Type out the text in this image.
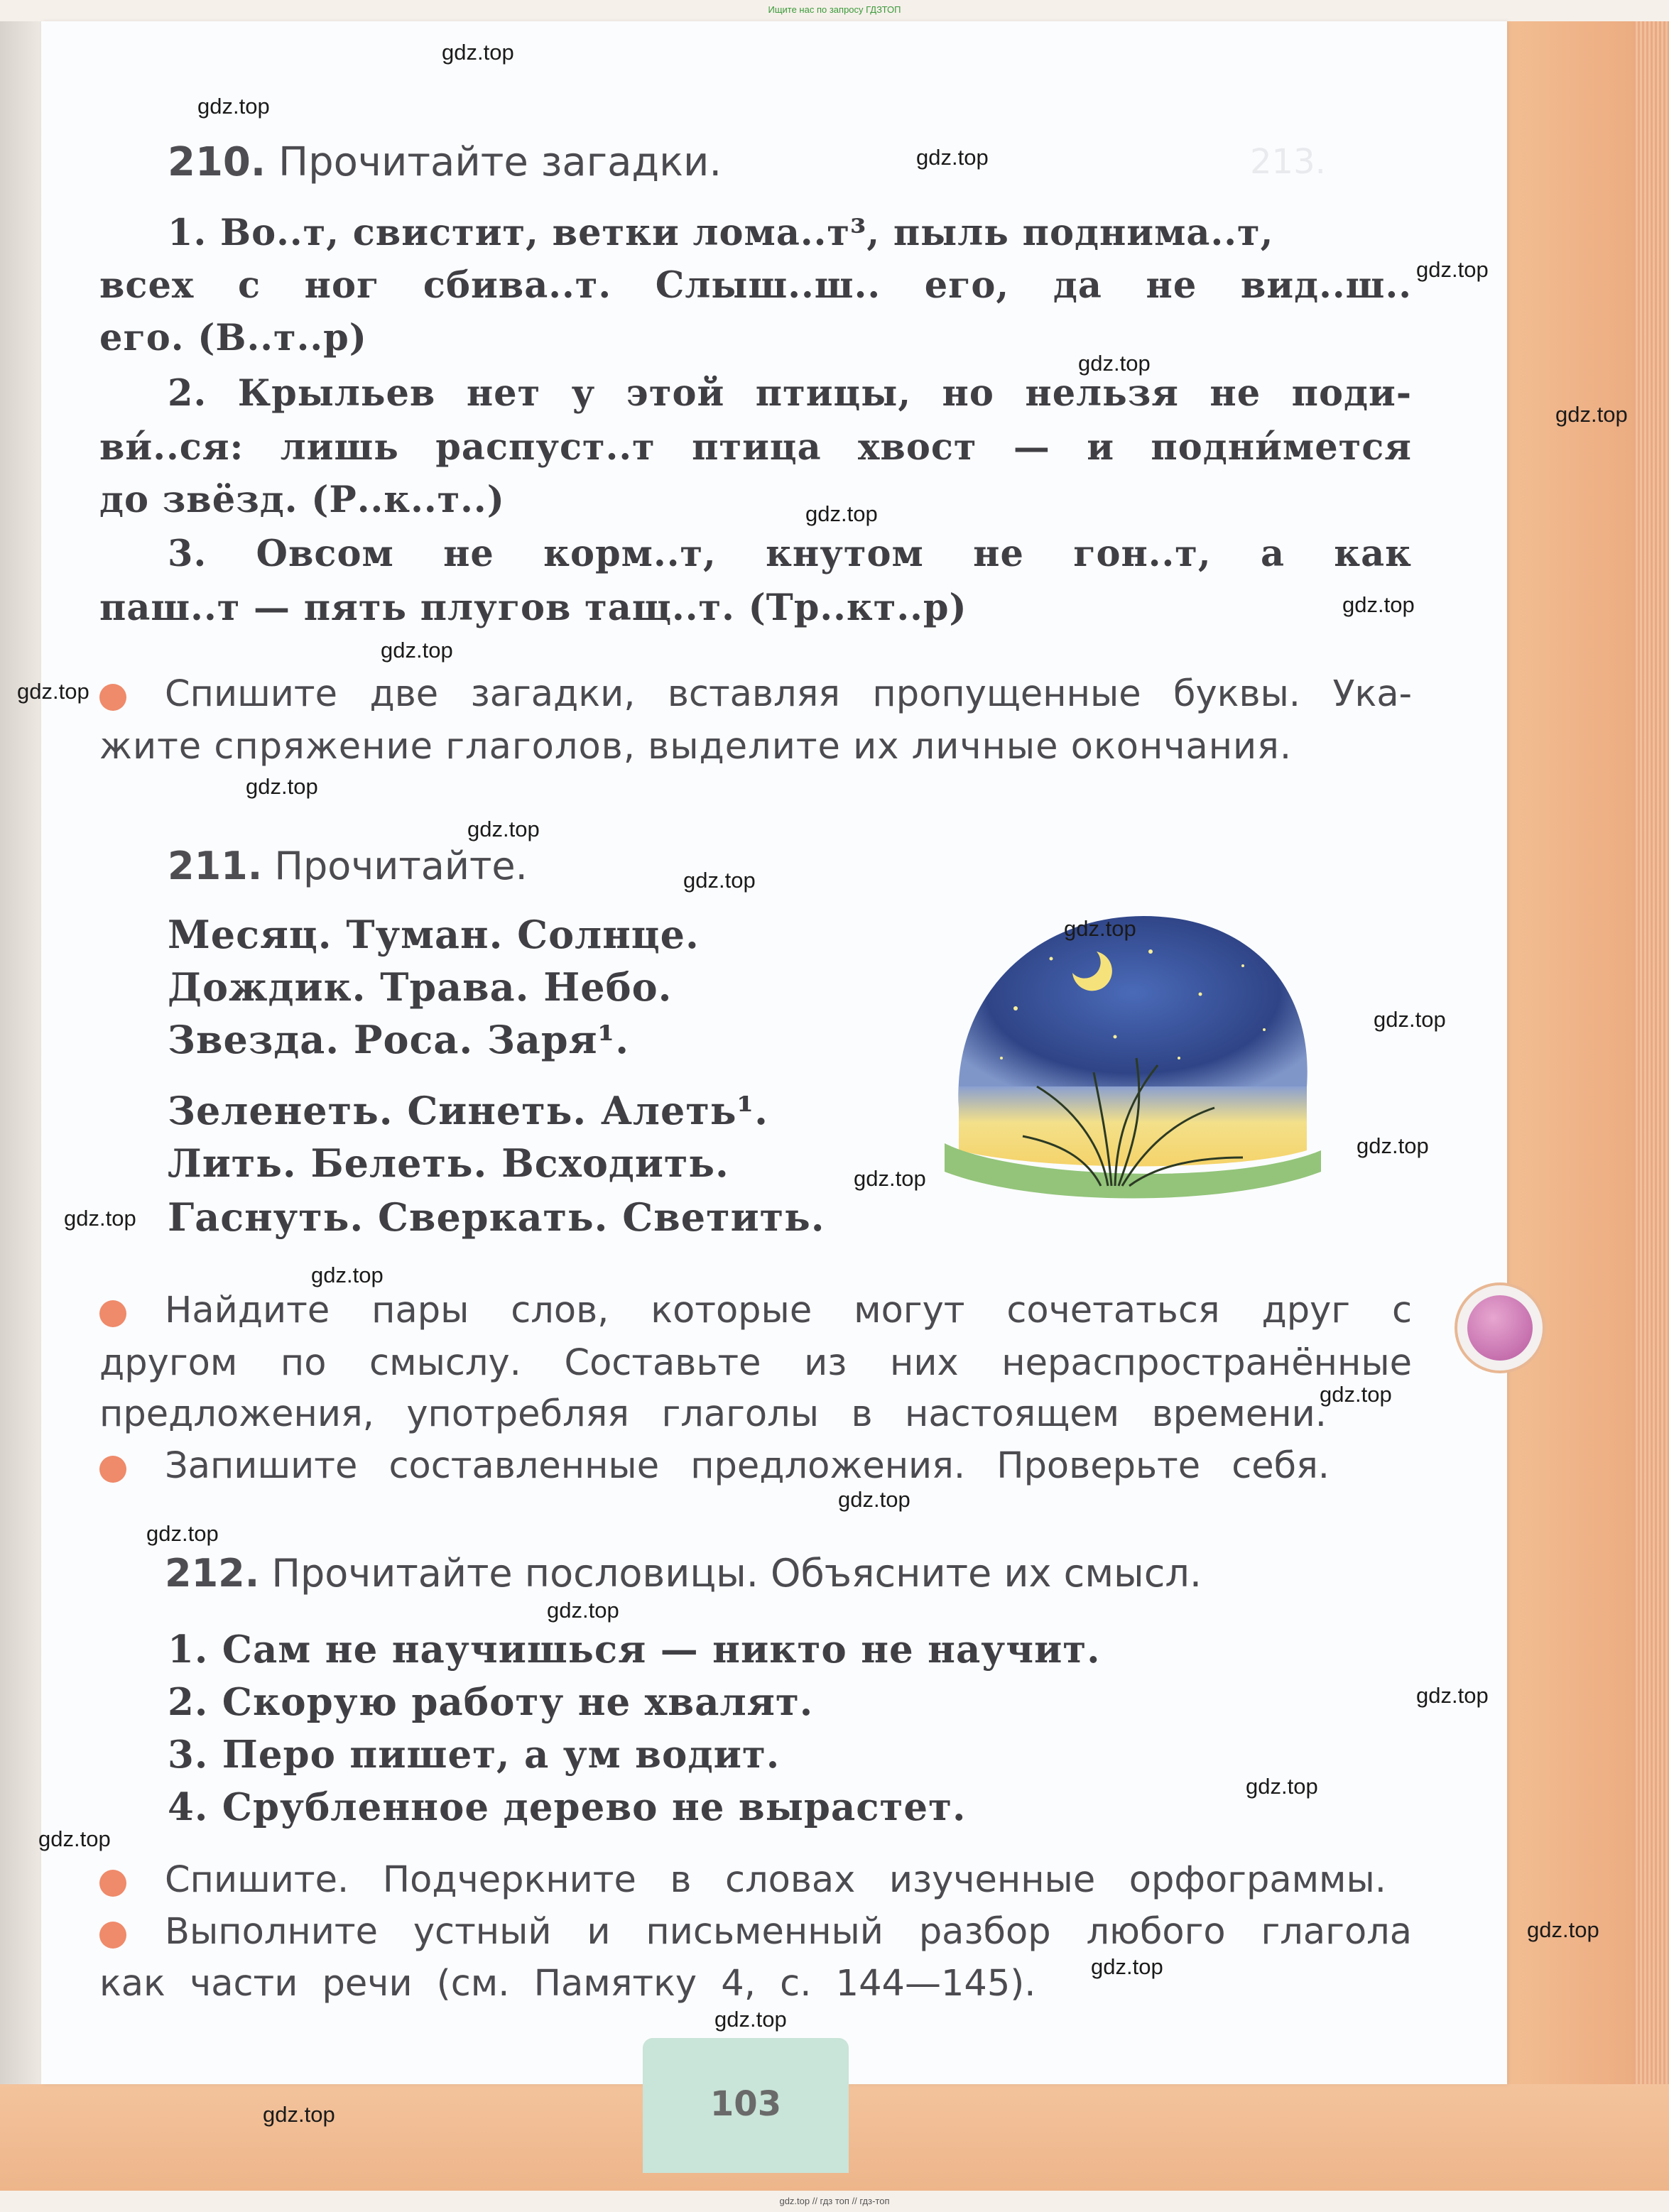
Ищите нас по запросу ГДЗТОП
213.
210. Прочитайте загадки.
1. Во..т, свистит, ветки лома..т³, пыль поднима..т,
всех с ног сбива..т. Слыш..ш.. его, да не вид..ш..
его. (В..т..р)
2. Крыльев нет у этой птицы, но нельзя не поди-
ви́..ся: лишь распуст..т птица хвост — и подни́мется
до звёзд. (Р..к..т..)
3. Овсом не корм..т, кнутом не гон..т, а как
паш..т — пять плугов тащ..т. (Тр..кт..р)
Спишите две загадки, вставляя пропущенные буквы. Ука-
жите спряжение глаголов, выделите их личные окончания.
211. Прочитайте.
Месяц. Туман. Солнце.
Дождик. Трава. Небо.
Звезда. Роса. Заря¹.
Зеленеть. Синеть. Алеть¹.
Лить. Белеть. Всходить.
Гаснуть. Сверкать. Светить.
Найдите пары слов, которые могут сочетаться друг с
другом по смыслу. Составьте из них нераспространённые
предложения, употребляя глаголы в настоящем времени.
Запишите составленные предложения. Проверьте себя.
212. Прочитайте пословицы. Объясните их смысл.
1. Сам не научишься — никто не научит.
2. Скорую работу не хвалят.
3. Перо пишет, а ум водит.
4. Срубленное дерево не вырастет.
Спишите. Подчеркните в словах изученные орфограммы.
Выполните устный и письменный разбор любого глагола
как части речи (см. Памятку 4, с. 144—145).
103
gdz.top
gdz.top
gdz.top
gdz.top
gdz.top
gdz.top
gdz.top
gdz.top
gdz.top
gdz.top
gdz.top
gdz.top
gdz.top
gdz.top
gdz.top
gdz.top
gdz.top
gdz.top
gdz.top
gdz.top
gdz.top
gdz.top
gdz.top
gdz.top
gdz.top
gdz.top
gdz.top
gdz.top
gdz.top
gdz.top
gdz.top // гдз топ // гдз-топ
